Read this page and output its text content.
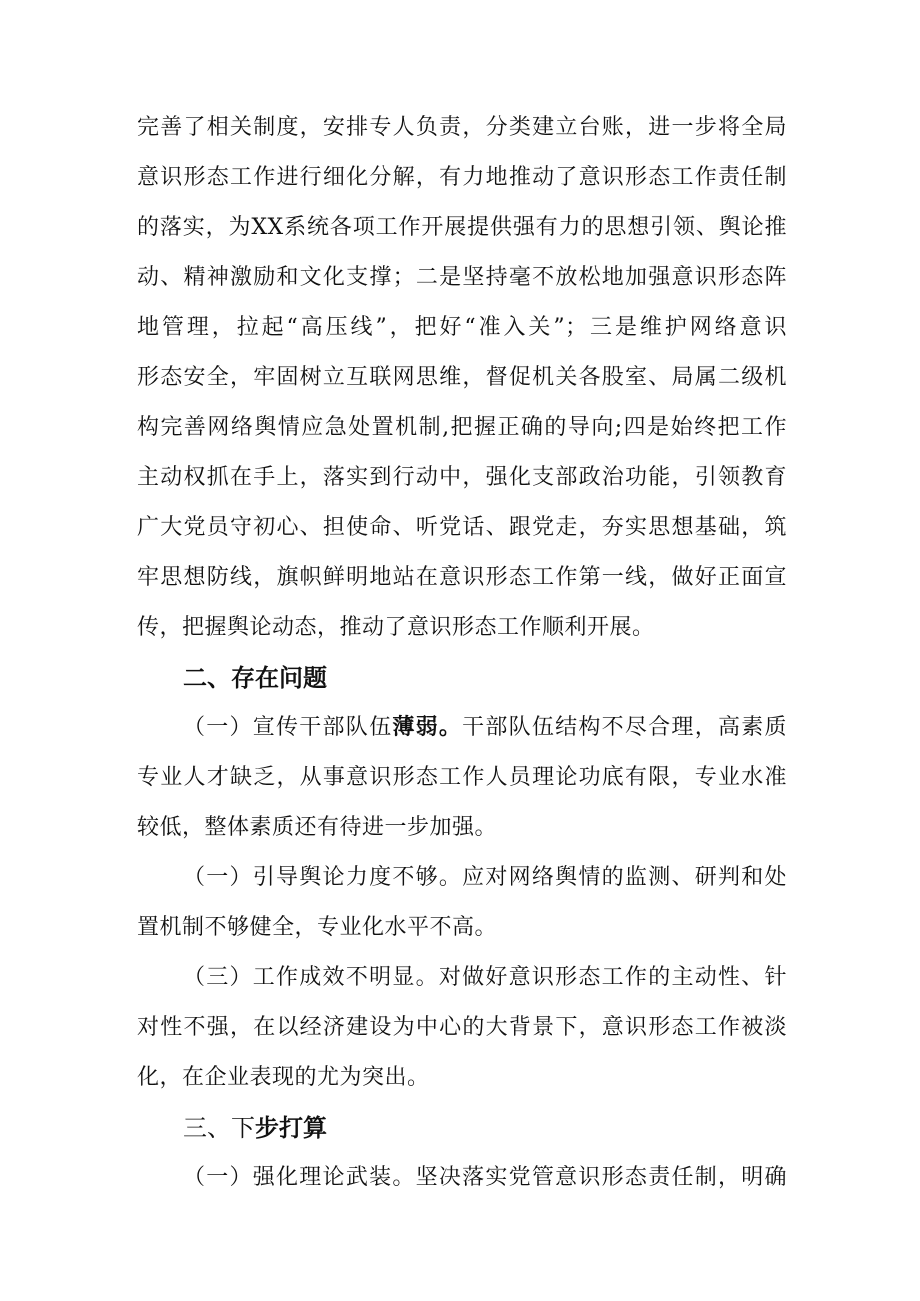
完善了相关制度，安排专人负责，分类建立台账，进一步将全局
意识形态工作进行细化分解，有力地推动了意识形态工作责任制
的落实，为XX系统各项工作开展提供强有力的思想引领、舆论推
动、精神激励和文化支撑；二是坚持毫不放松地加强意识形态阵
地管理，拉起“高压线”，把好“准入关”；三是维护网络意识
形态安全，牢固树立互联网思维，督促机关各股室、局属二级机
构完善网络舆情应急处置机制,把握正确的导向;四是始终把工作
主动权抓在手上，落实到行动中，强化支部政治功能，引领教育
广大党员守初心、担使命、听党话、跟党走，夯实思想基础，筑
牢思想防线，旗帜鲜明地站在意识形态工作第一线，做好正面宣
传，把握舆论动态，推动了意识形态工作顺利开展。
二、存在问题
（一）宣传干部队伍薄弱。干部队伍结构不尽合理，高素质
专业人才缺乏，从事意识形态工作人员理论功底有限，专业水准
较低，整体素质还有待进一步加强。
（一）引导舆论力度不够。应对网络舆情的监测、研判和处
置机制不够健全，专业化水平不高。
（三）工作成效不明显。对做好意识形态工作的主动性、针
对性不强，在以经济建设为中心的大背景下，意识形态工作被淡
化，在企业表现的尤为突出。
三、下步打算
（一）强化理论武装。坚决落实党管意识形态责任制，明确
